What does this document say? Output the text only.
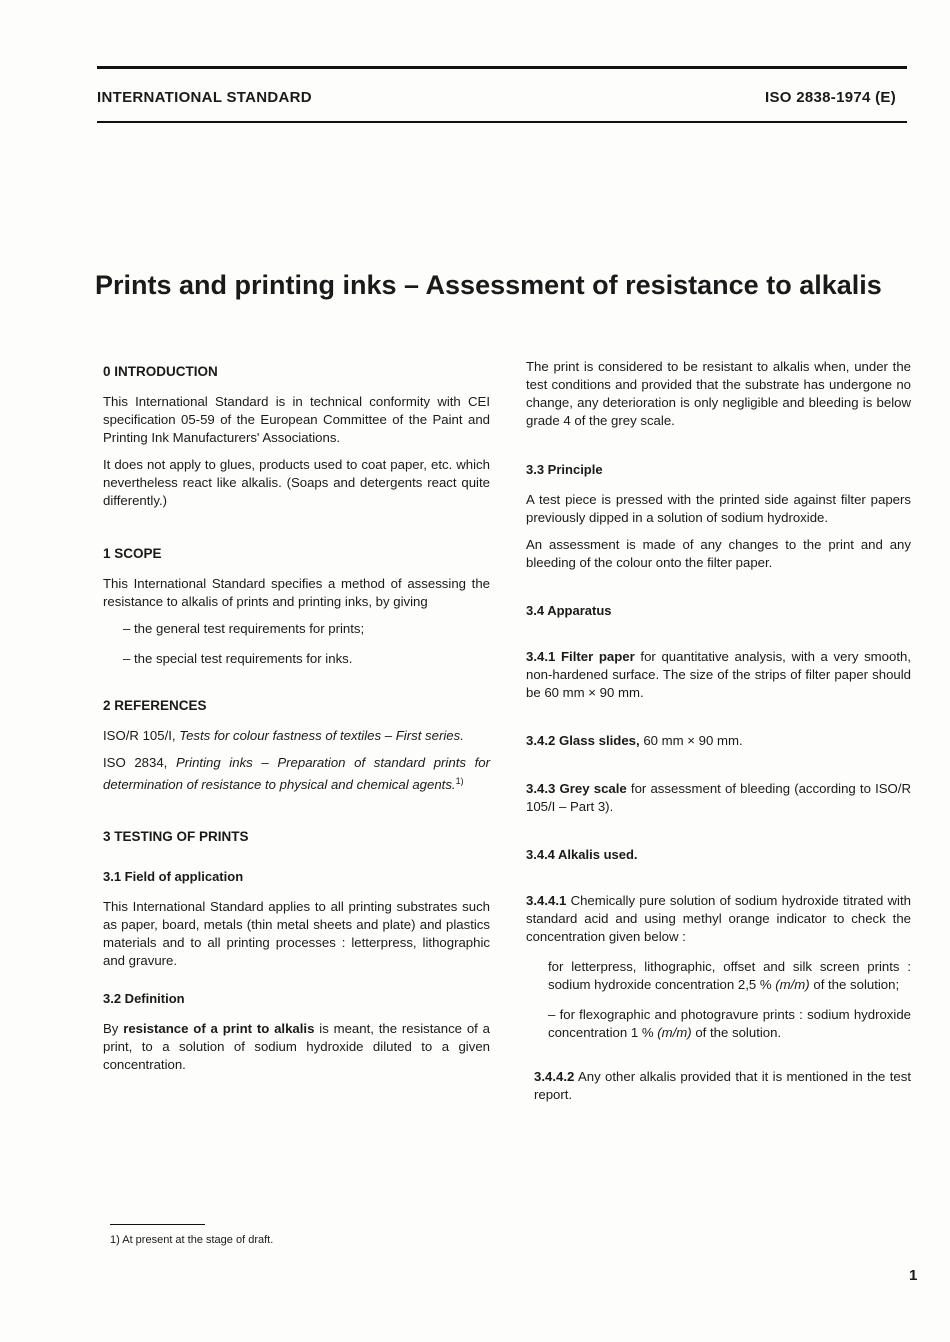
INTERNATIONAL STANDARD	ISO 2838-1974 (E)
Prints and printing inks – Assessment of resistance to alkalis
0 INTRODUCTION

This International Standard is in technical conformity with CEI specification 05-59 of the European Committee of the Paint and Printing Ink Manufacturers' Associations.

It does not apply to glues, products used to coat paper, etc. which nevertheless react like alkalis. (Soaps and detergents react quite differently.)

1 SCOPE

This International Standard specifies a method of assessing the resistance to alkalis of prints and printing inks, by giving

– the general test requirements for prints;
– the special test requirements for inks.
2 REFERENCES

ISO/R 105/I, Tests for colour fastness of textiles – First series.

ISO 2834, Printing inks – Preparation of standard prints for determination of resistance to physical and chemical agents.$^{1)}$

3 TESTING OF PRINTS
3.1 Field of application

This International Standard applies to all printing substrates such as paper, board, metals (thin metal sheets and plate) and plastics materials and to all printing processes : letterpress, lithographic and gravure.

3.2 Definition

By resistance of a print to alkalis is meant, the resistance of a print, to a solution of sodium hydroxide diluted to a given concentration.

The print is considered to be resistant to alkalis when, under the test conditions and provided that the substrate has undergone no change, any deterioration is only negligible and bleeding is below grade 4 of the grey scale.

3.3 Principle

A test piece is pressed with the printed side against filter papers previously dipped in a solution of sodium hydroxide.

An assessment is made of any changes to the print and any bleeding of the colour onto the filter paper.

3.4 Apparatus

3.4.1 Filter paper for quantitative analysis, with a very smooth, non-hardened surface. The size of the strips of filter paper should be 60 mm × 90 mm.

3.4.2 Glass slides, 60 mm × 90 mm.

3.4.3 Grey scale for assessment of bleeding (according to ISO/R 105/I – Part 3).

3.4.4 Alkalis used.

3.4.4.1 Chemically pure solution of sodium hydroxide titrated with standard acid and using methyl orange indicator to check the concentration given below :

for letterpress, lithographic, offset and silk screen prints : sodium hydroxide concentration 2,5 % (m/m) of the solution;

– for flexographic and photogravure prints : sodium hydroxide concentration 1 % (m/m) of the solution.

3.4.4.2 Any other alkalis provided that it is mentioned in the test report.

1) At present at the stage of draft.
1
